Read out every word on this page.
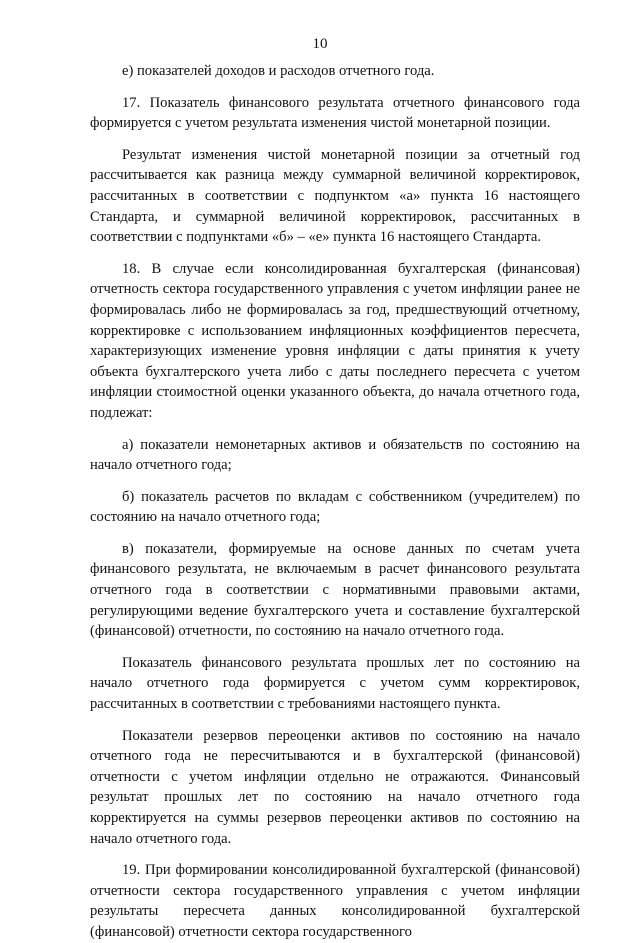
10

е) показателей доходов и расходов отчетного года.

17. Показатель финансового результата отчетного финансового года формируется с учетом результата изменения чистой монетарной позиции.

Результат изменения чистой монетарной позиции за отчетный год рассчитывается как разница между суммарной величиной корректировок, рассчитанных в соответствии с подпунктом «а» пункта 16 настоящего Стандарта, и суммарной величиной корректировок, рассчитанных в соответствии с подпунктами «б» – «е» пункта 16 настоящего Стандарта.

18. В случае если консолидированная бухгалтерская (финансовая) отчетность сектора государственного управления с учетом инфляции ранее не формировалась либо не формировалась за год, предшествующий отчетному, корректировке с использованием инфляционных коэффициентов пересчета, характеризующих изменение уровня инфляции с даты принятия к учету объекта бухгалтерского учета либо с даты последнего пересчета с учетом инфляции стоимостной оценки указанного объекта, до начала отчетного года, подлежат:

а) показатели немонетарных активов и обязательств по состоянию на начало отчетного года;

б) показатель расчетов по вкладам с собственником (учредителем) по состоянию на начало отчетного года;

в) показатели, формируемые на основе данных по счетам учета финансового результата, не включаемым в расчет финансового результата отчетного года в соответствии с нормативными правовыми актами, регулирующими ведение бухгалтерского учета и составление бухгалтерской (финансовой) отчетности, по состоянию на начало отчетного года.

Показатель финансового результата прошлых лет по состоянию на начало отчетного года формируется с учетом сумм корректировок, рассчитанных в соответствии с требованиями настоящего пункта.

Показатели резервов переоценки активов по состоянию на начало отчетного года не пересчитываются и в бухгалтерской (финансовой) отчетности с учетом инфляции отдельно не отражаются. Финансовый результат прошлых лет по состоянию на начало отчетного года корректируется на суммы резервов переоценки активов по состоянию на начало отчетного года.

19. При формировании консолидированной бухгалтерской (финансовой) отчетности сектора государственного управления с учетом инфляции результаты пересчета данных консолидированной бухгалтерской (финансовой) отчетности сектора государственного
